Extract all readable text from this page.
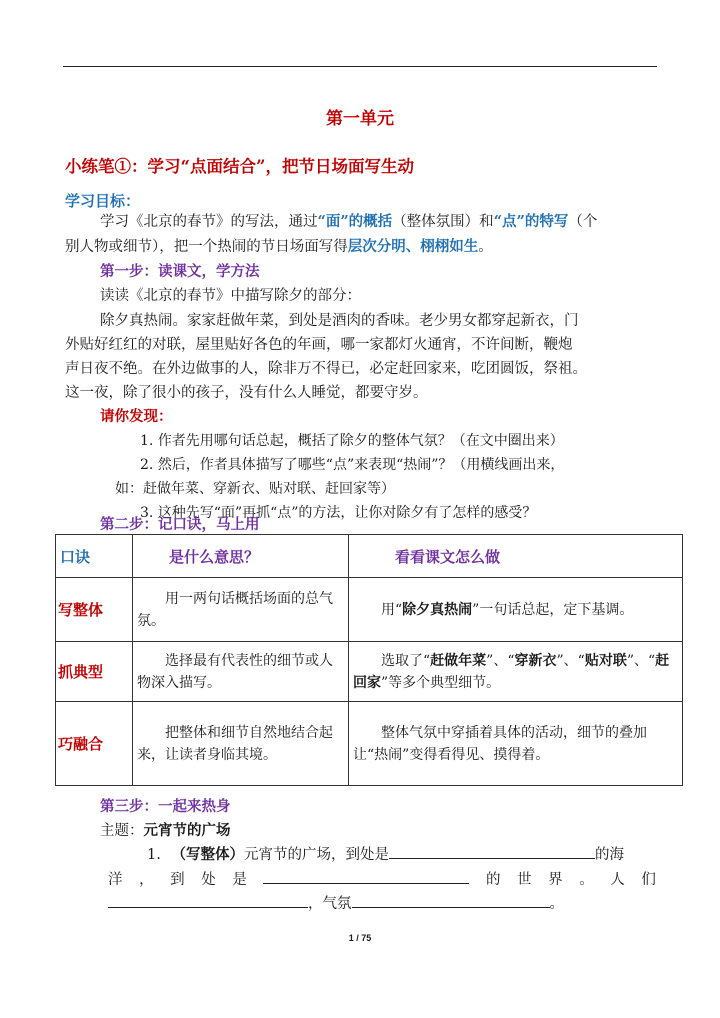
第一单元
小练笔①：学习“点面结合”，把节日场面写生动
学习目标：
学习《北京的春节》的写法，通过“面”的概括（整体氛围）和“点”的特写（个
别人物或细节），把一个热闹的节日场面写得层次分明、栩栩如生。
第一步：读课文，学方法
读读《北京的春节》中描写除夕的部分：
除夕真热闹。家家赶做年菜，到处是酒肉的香味。老少男女都穿起新衣，门
外贴好红红的对联，屋里贴好各色的年画，哪一家都灯火通宵，不许间断，鞭炮
声日夜不绝。在外边做事的人，除非万不得已，必定赶回家来，吃团圆饭，祭祖。
这一夜，除了很小的孩子，没有什么人睡觉，都要守岁。
请你发现：
1. 作者先用哪句话总起，概括了除夕的整体气氛？（在文中圈出来）
2. 然后，作者具体描写了哪些“点”来表现“热闹”？（用横线画出来，
如：赶做年菜、穿新衣、贴对联、赶回家等）
3. 这种先写“面”再抓“点”的方法，让你对除夕有了怎样的感受？
第二步：记口诀，马上用
口诀	是什么意思？	看看课文怎么做
写整体	用一两句话概括场面的总气氛。	用“除夕真热闹”一句话总起，定下基调。
抓典型	选择最有代表性的细节或人物深入描写。	选取了“赶做年菜”、“穿新衣”、“贴对联”、“赶回家”等多个典型细节。
巧融合	把整体和细节自然地结合起来，让读者身临其境。	整体气氛中穿插着具体的活动，细节的叠加让“热闹”变得看得见、摸得着。
第三步：一起来热身
主题：元宵节的广场
1. （写整体）元宵节的广场，到处是	的海
洋 ， 到 处 是	的 世 界 。 人 们
，气氛	。
1 / 75
